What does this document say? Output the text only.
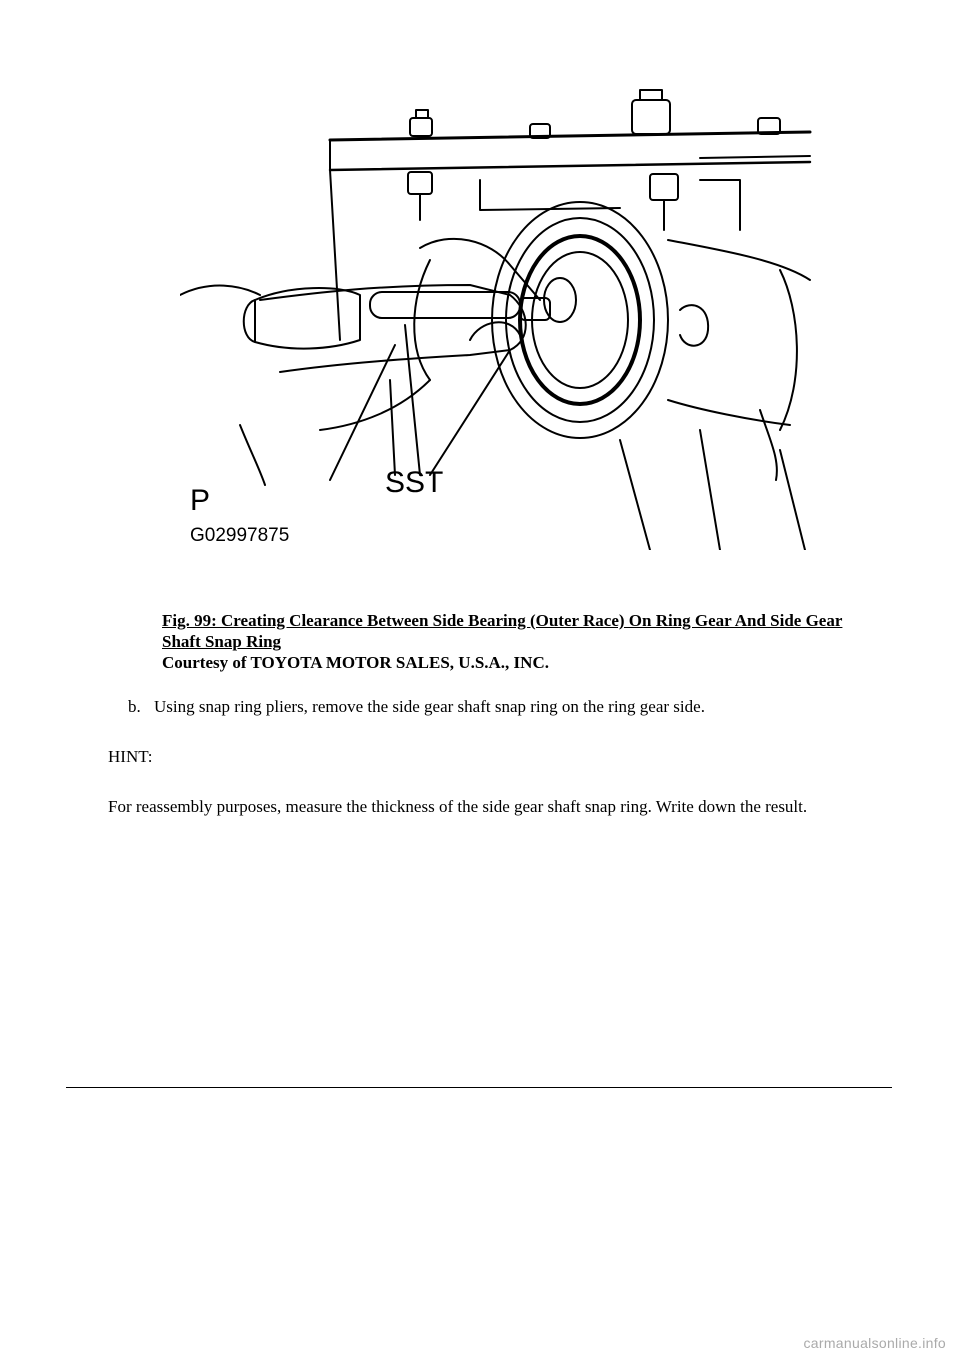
SST
P
G02997875
Fig. 99: Creating Clearance Between Side Bearing (Outer Race) On Ring Gear And Side Gear Shaft Snap Ring
Courtesy of TOYOTA MOTOR SALES, U.S.A., INC.
b. Using snap ring pliers, remove the side gear shaft snap ring on the ring gear side.
HINT:
For reassembly purposes, measure the thickness of the side gear shaft snap ring. Write down the result.
carmanualsonline.info
